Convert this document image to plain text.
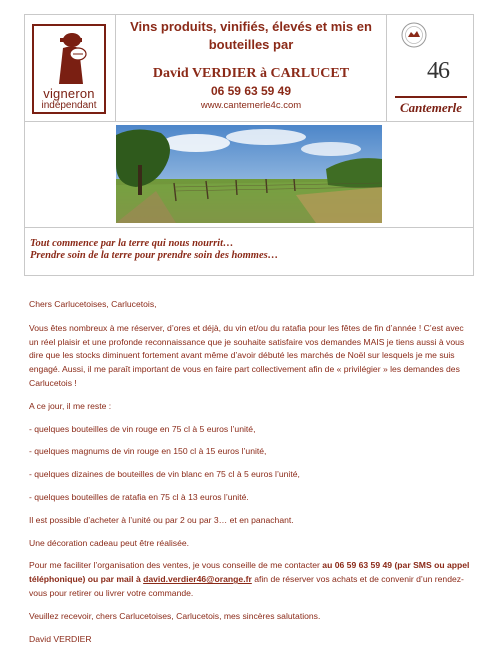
vigneron
indépendant
Vins produits, vinifiés, élevés et mis en
bouteilles par
David VERDIER à CARLUCET
06 59 63 59 49
www.cantemerle4c.com
46
Cantemerle
Tout commence par la terre qui nous nourrit…
Prendre soin de la terre pour prendre soin des hommes…

Chers Carlucetoises, Carlucetois,

Vous êtes nombreux à me réserver, d’ores et déjà, du vin et/ou du ratafia pour les fêtes de fin d’année ! C’est avec un réel plaisir et une profonde reconnaissance que je souhaite satisfaire vos demandes MAIS je tiens aussi à vous dire que les stocks diminuent fortement avant même d’avoir débuté les marchés de Noël sur lesquels je me suis engagé. Aussi, il me paraît important de vous en faire part collectivement afin de « privilégier » les demandes des Carlucetois !

A ce jour, il me reste :

- quelques bouteilles de vin rouge en 75 cl à 5 euros l’unité,

- quelques magnums de vin rouge en 150 cl à 15 euros l’unité,

- quelques dizaines de bouteilles de vin blanc en 75 cl à 5 euros l’unité,

- quelques bouteilles de ratafia en 75 cl à 13 euros l’unité.

Il est possible d’acheter à l’unité ou par 2 ou par 3… et en panachant.

Une décoration cadeau peut être réalisée.

Pour me faciliter l’organisation des ventes, je vous conseille de me contacter au 06 59 63 59 49 (par SMS ou appel téléphonique) ou par mail à david.verdier46@orange.fr afin de réserver vos achats et de convenir d’un rendez-vous pour retirer ou livrer votre commande.

Veuillez recevoir, chers Carlucetoises, Carlucetois, mes sincères salutations.

David VERDIER
